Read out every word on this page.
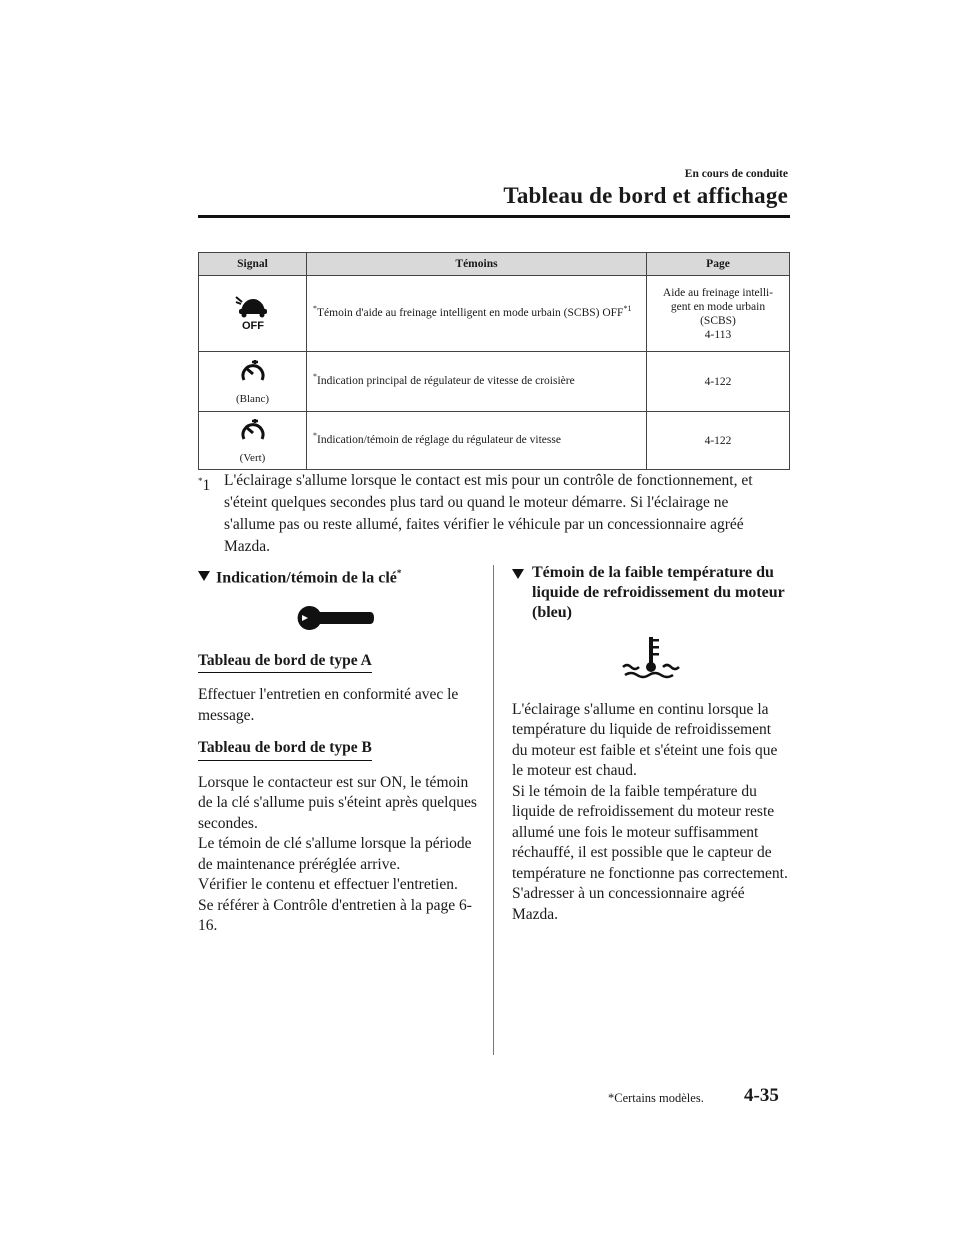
En cours de conduite
Tableau de bord et affichage
Signal	Témoins	Page

OFF	*Témoin d'aide au freinage intelligent en mode urbain (SCBS) OFF$^{*1}$	Aide au freinage intelli-
gent en mode urbain
(SCBS)
4-113

(Blanc)	*Indication principal de régulateur de vitesse de croisière	4-122

(Vert)	*Indication/témoin de réglage du régulateur de vitesse	4-122
*1 L'éclairage s'allume lorsque le contact est mis pour un contrôle de fonctionnement, et s'éteint quelques secondes plus tard ou quand le moteur démarre. Si l'éclairage ne s'allume pas ou reste allumé, faites vérifier le véhicule par un concessionnaire agréé Mazda.
Indication/témoin de la clé*

Tableau de bord de type A

Effectuer l'entretien en conformité avec le message.

Tableau de bord de type B

Lorsque le contacteur est sur ON, le témoin de la clé s'allume puis s'éteint après quelques secondes.

Le témoin de clé s'allume lorsque la période de maintenance préréglée arrive.

Vérifier le contenu et effectuer l'entretien.

Se référer à Contrôle d'entretien à la page 6-16.

Témoin de la faible température du liquide de refroidissement du moteur (bleu)

L'éclairage s'allume en continu lorsque la température du liquide de refroidissement du moteur est faible et s'éteint une fois que le moteur est chaud.

Si le témoin de la faible température du liquide de refroidissement du moteur reste allumé une fois le moteur suffisamment réchauffé, il est possible que le capteur de température ne fonctionne pas correctement. S'adresser à un concessionnaire agréé Mazda.

*Certains modèles. 4-35
